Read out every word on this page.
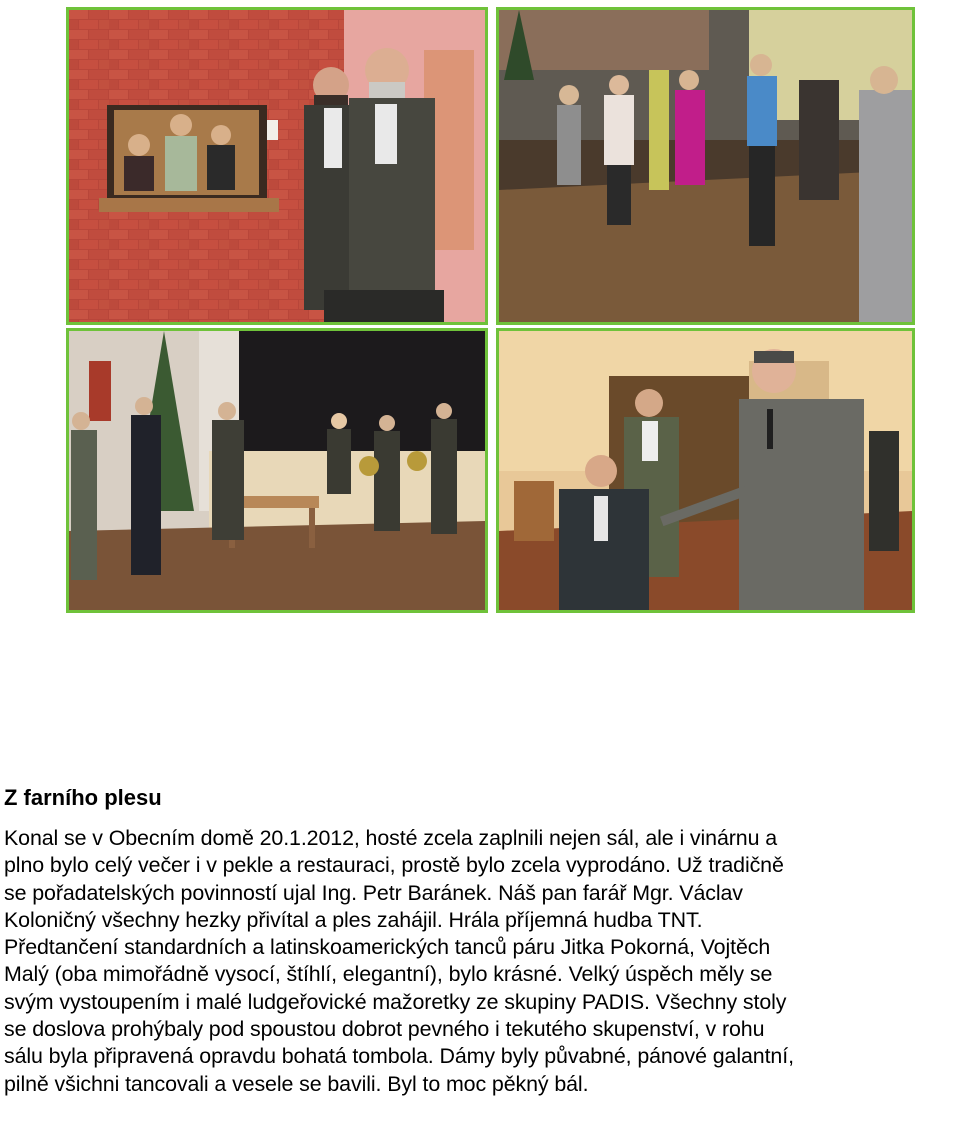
Z farního plesu
Konal se v Obecním domě 20.1.2012, hosté zcela zaplnili nejen sál, ale i vinárnu a
plno bylo celý večer i v pekle a restauraci, prostě bylo zcela vyprodáno. Už tradičně
se pořadatelských povinností ujal Ing. Petr Baránek. Náš pan farář Mgr. Václav
Koloničný všechny hezky přivítal a ples zahájil. Hrála příjemná hudba TNT.
Předtančení standardních a latinskoamerických tanců páru Jitka Pokorná, Vojtěch
Malý (oba mimořádně vysocí, štíhlí, elegantní), bylo krásné. Velký úspěch měly se
svým vystoupením i malé ludgeřovické mažoretky ze skupiny PADIS. Všechny stoly
se doslova prohýbaly pod spoustou dobrot pevného i tekutého skupenství, v rohu
sálu byla připravená opravdu bohatá tombola. Dámy byly půvabné, pánové galantní,
pilně všichni tancovali a vesele se bavili. Byl to moc pěkný bál.
